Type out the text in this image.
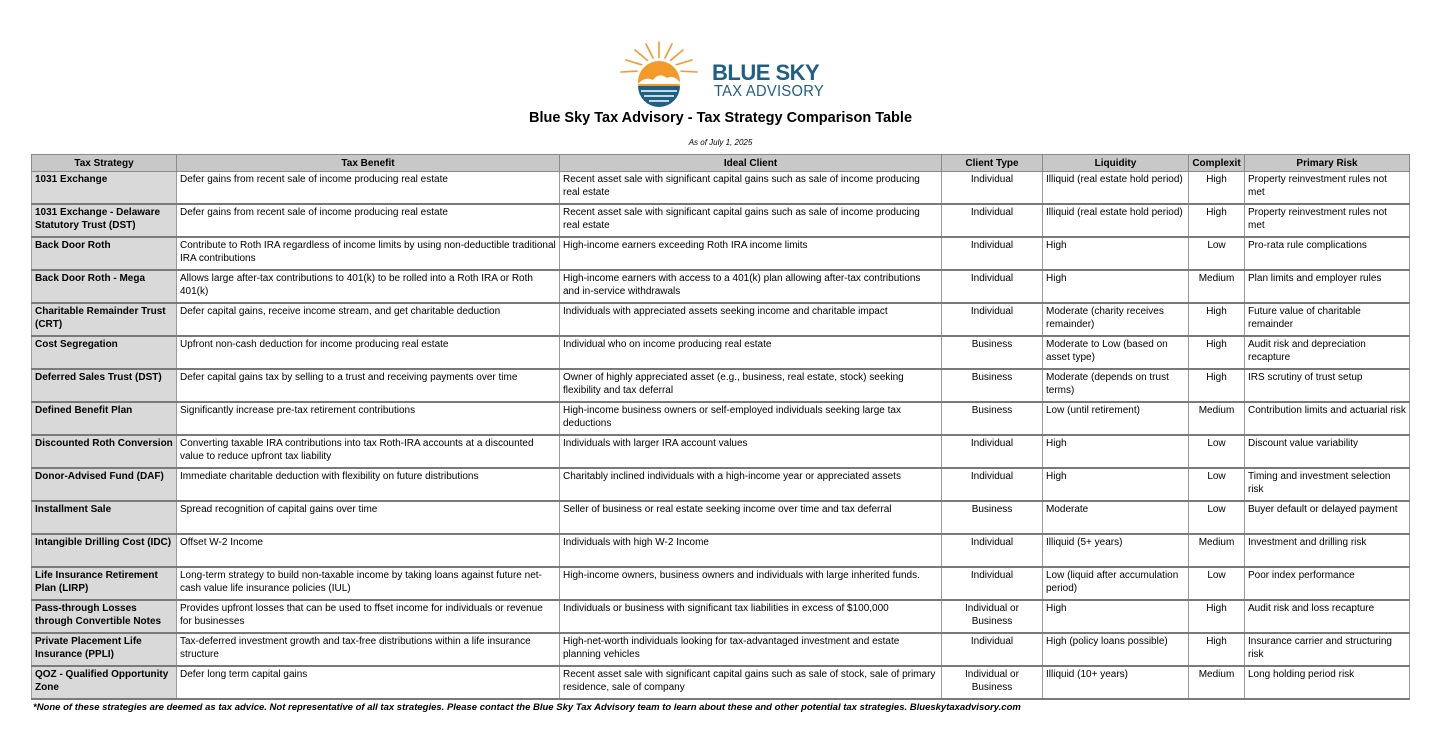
BLUE SKY
TAX ADVISORY
Blue Sky Tax Advisory - Tax Strategy Comparison Table
As of July 1, 2025
Tax Strategy	Tax Benefit	Ideal Client	Client Type	Liquidity	Complexit	Primary Risk
1031 Exchange	Defer gains from recent sale of income producing real estate	Recent asset sale with significant capital gains such as sale of income producing real estate	Individual	Illiquid (real estate hold period)	High	Property reinvestment rules not met
1031 Exchange - Delaware Statutory Trust (DST)	Defer gains from recent sale of income producing real estate	Recent asset sale with significant capital gains such as sale of income producing real estate	Individual	Illiquid (real estate hold period)	High	Property reinvestment rules not met
Back Door Roth	Contribute to Roth IRA regardless of income limits by using non-deductible traditional IRA contributions	High-income earners exceeding Roth IRA income limits	Individual	High	Low	Pro-rata rule complications
Back Door Roth - Mega	Allows large after-tax contributions to 401(k) to be rolled into a Roth IRA or Roth 401(k)	High-income earners with access to a 401(k) plan allowing after-tax contributions and in-service withdrawals	Individual	High	Medium	Plan limits and employer rules
Charitable Remainder Trust (CRT)	Defer capital gains, receive income stream, and get charitable deduction	Individuals with appreciated assets seeking income and charitable impact	Individual	Moderate (charity receives remainder)	High	Future value of charitable remainder
Cost Segregation	Upfront non-cash deduction for income producing real estate	Individual who on income producing real estate	Business	Moderate to Low (based on asset type)	High	Audit risk and depreciation recapture
Deferred Sales Trust (DST)	Defer capital gains tax by selling to a trust and receiving payments over time	Owner of highly appreciated asset (e.g., business, real estate, stock) seeking flexibility and tax deferral	Business	Moderate (depends on trust terms)	High	IRS scrutiny of trust setup
Defined Benefit Plan	Significantly increase pre-tax retirement contributions	High-income business owners or self-employed individuals seeking large tax deductions	Business	Low (until retirement)	Medium	Contribution limits and actuarial risk
Discounted Roth Conversion	Converting taxable IRA contributions into tax Roth-IRA accounts at a discounted value to reduce upfront tax liability	Individuals with larger IRA account values	Individual	High	Low	Discount value variability
Donor-Advised Fund (DAF)	Immediate charitable deduction with flexibility on future distributions	Charitably inclined individuals with a high-income year or appreciated assets	Individual	High	Low	Timing and investment selection risk
Installment Sale	Spread recognition of capital gains over time	Seller of business or real estate seeking income over time and tax deferral	Business	Moderate	Low	Buyer default or delayed payment
Intangible Drilling Cost (IDC)	Offset W-2 Income	Individuals with high W-2 Income	Individual	Illiquid (5+ years)	Medium	Investment and drilling risk
Life Insurance Retirement Plan (LIRP)	Long-term strategy to build non-taxable income by taking loans against future net-cash value life insurance policies (IUL)	High-income owners, business owners and individuals with large inherited funds.	Individual	Low (liquid after accumulation period)	Low	Poor index performance
Pass-through Losses through Convertible Notes	Provides upfront losses that can be used to ffset income for individuals or revenue for businesses	Individuals or business with significant tax liabilities in excess of $100,000	Individual or Business	High	High	Audit risk and loss recapture
Private Placement Life Insurance (PPLI)	Tax-deferred investment growth and tax-free distributions within a life insurance structure	High-net-worth individuals looking for tax-advantaged investment and estate planning vehicles	Individual	High (policy loans possible)	High	Insurance carrier and structuring risk
QOZ - Qualified Opportunity Zone	Defer long term capital gains	Recent asset sale with significant capital gains such as sale of stock, sale of primary residence, sale of company	Individual or Business	Illiquid (10+ years)	Medium	Long holding period risk
*None of these strategies are deemed as tax advice. Not representative of all tax strategies. Please contact the Blue Sky Tax Advisory team to learn about these and other potential tax strategies. Blueskytaxadvisory.com
